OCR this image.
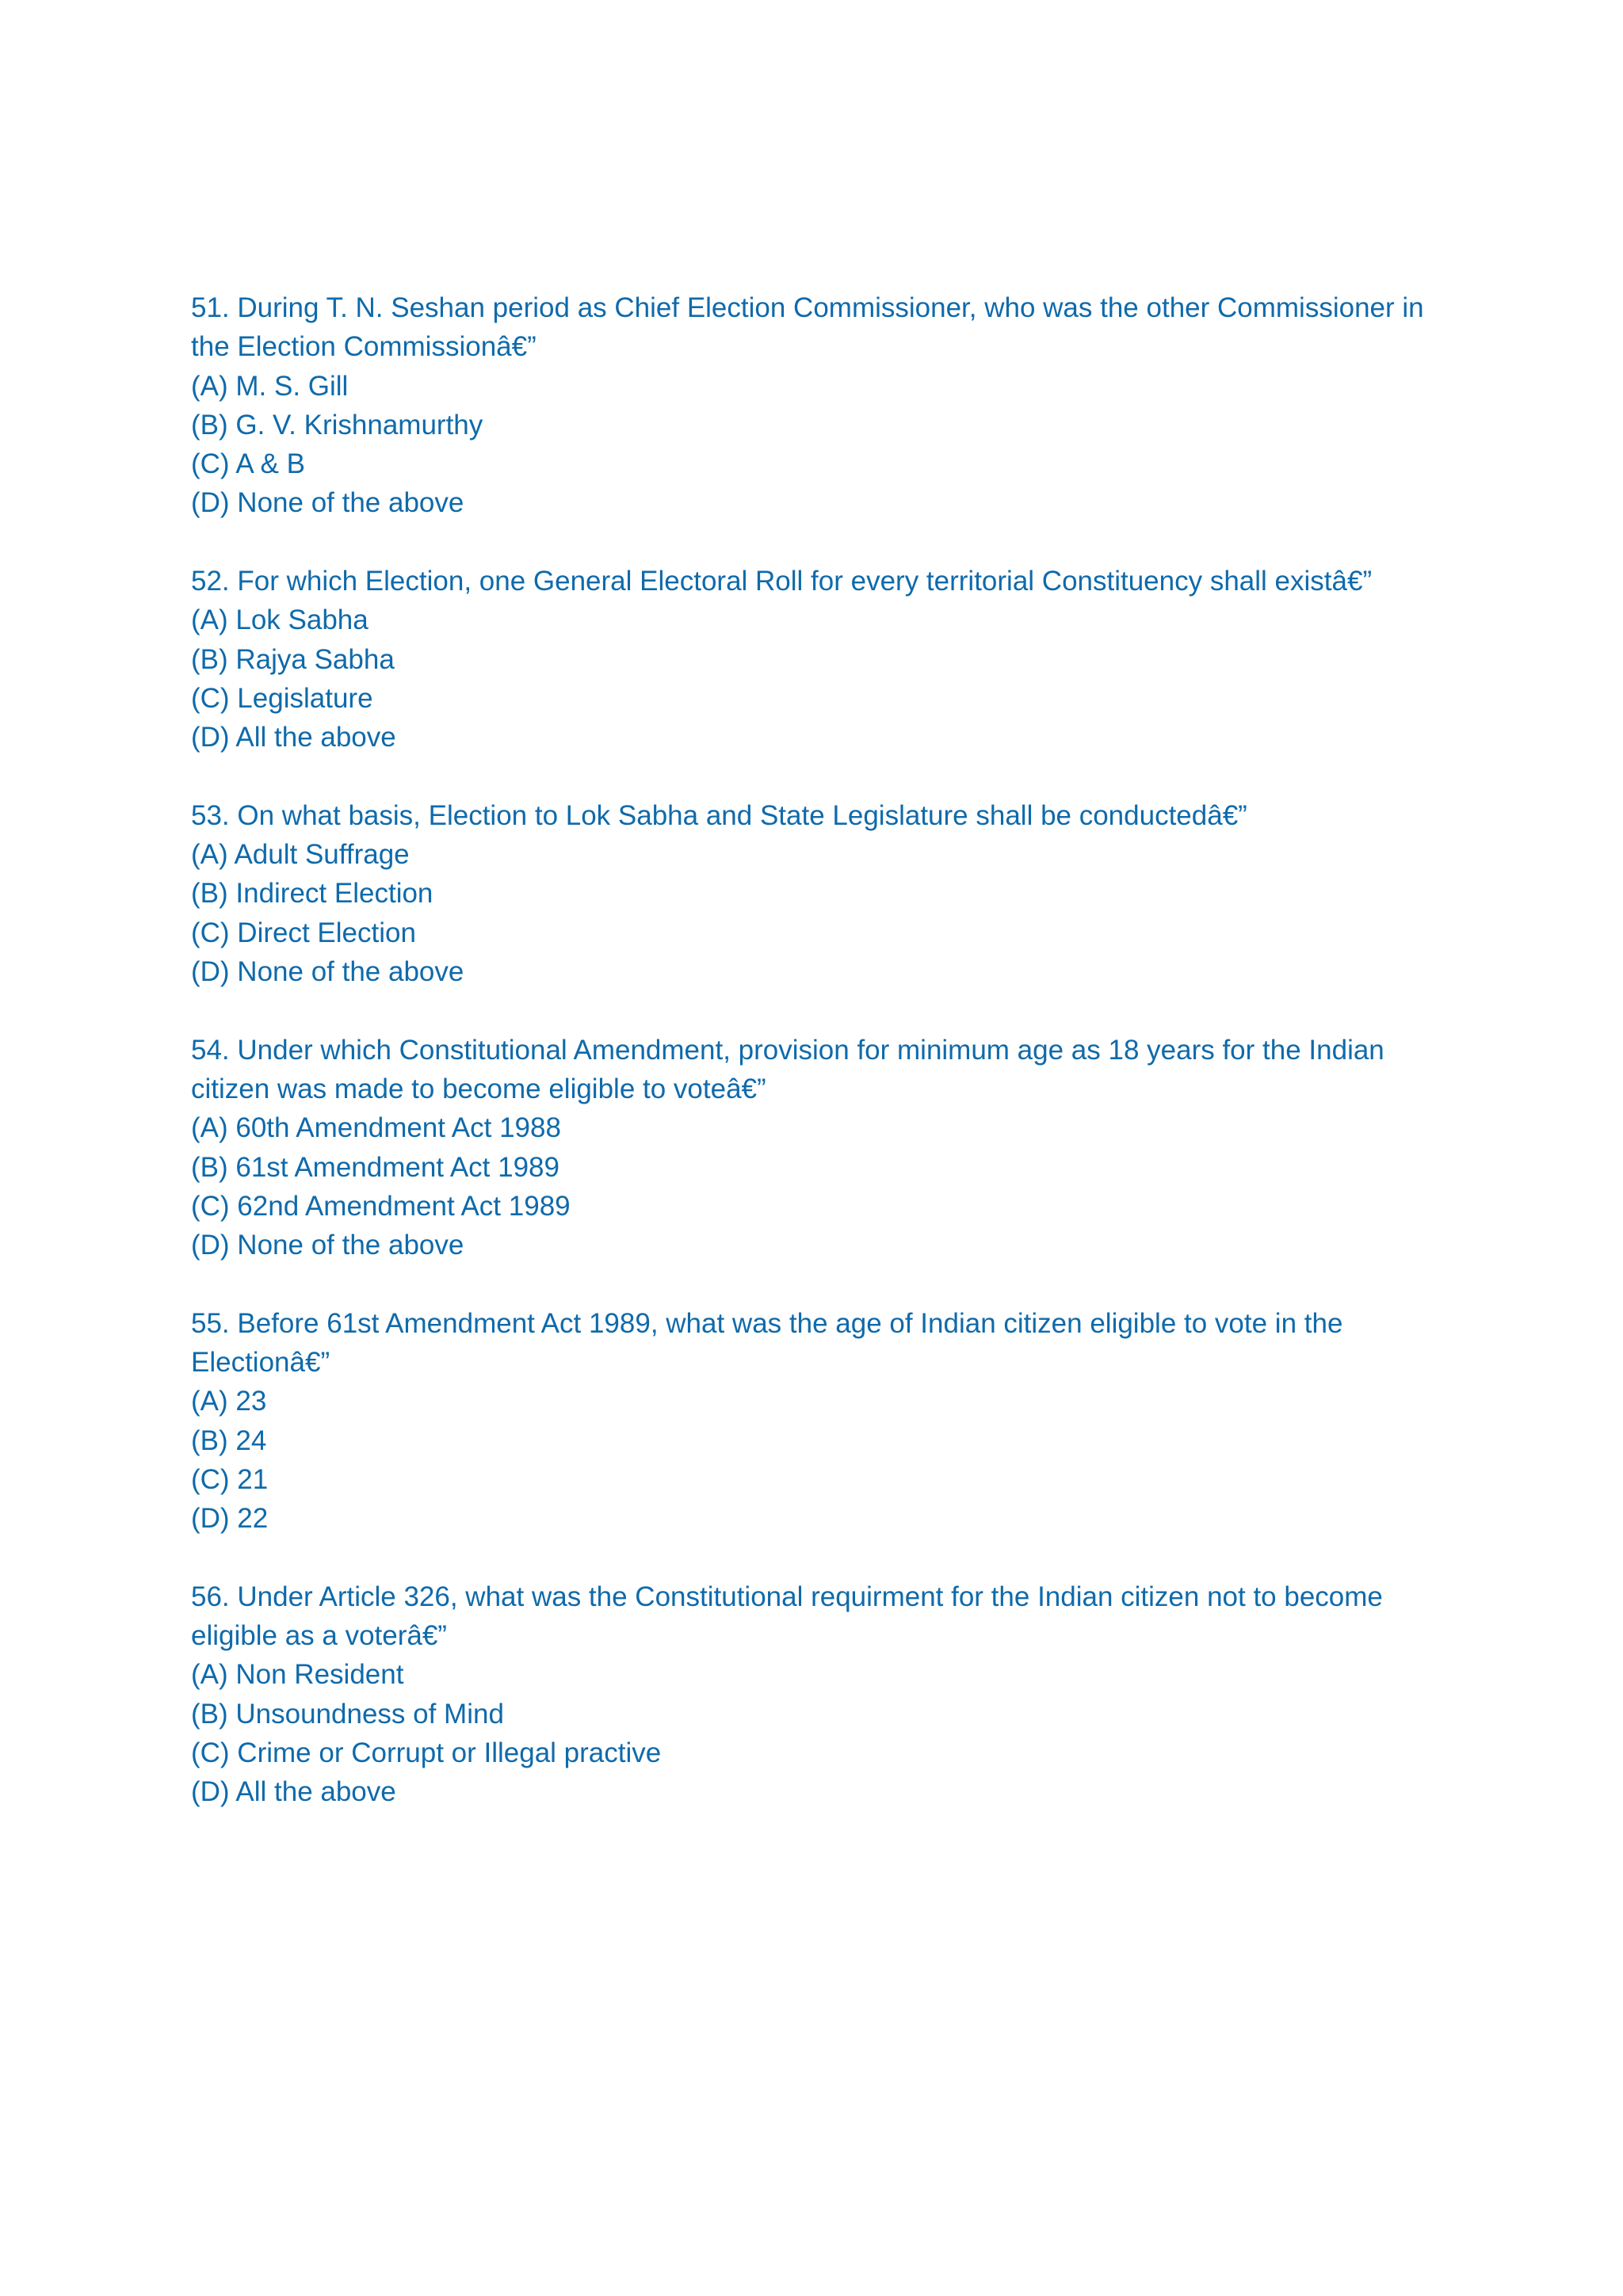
51. During T. N. Seshan period as Chief Election Commissioner, who was the other Commissioner in the Election Commissionâ€”

(A) M. S. Gill

(B) G. V. Krishnamurthy

(C) A & B

(D) None of the above

52. For which Election, one General Electoral Roll for every territorial Constituency shall existâ€”

(A) Lok Sabha

(B) Rajya Sabha

(C) Legislature

(D) All the above

53. On what basis, Election to Lok Sabha and State Legislature shall be conductedâ€”

(A) Adult Suffrage

(B) Indirect Election

(C) Direct Election

(D) None of the above

54. Under which Constitutional Amendment, provision for minimum age as 18 years for the Indian citizen was made to become eligible to voteâ€”

(A) 60th Amendment Act 1988

(B) 61st Amendment Act 1989

(C) 62nd Amendment Act 1989

(D) None of the above

55. Before 61st Amendment Act 1989, what was the age of Indian citizen eligible to vote in the Electionâ€”

(A) 23

(B) 24

(C) 21

(D) 22

56. Under Article 326, what was the Constitutional requirment for the Indian citizen not to become eligible as a voterâ€”

(A) Non Resident

(B) Unsoundness of Mind

(C) Crime or Corrupt or Illegal practive

(D) All the above
